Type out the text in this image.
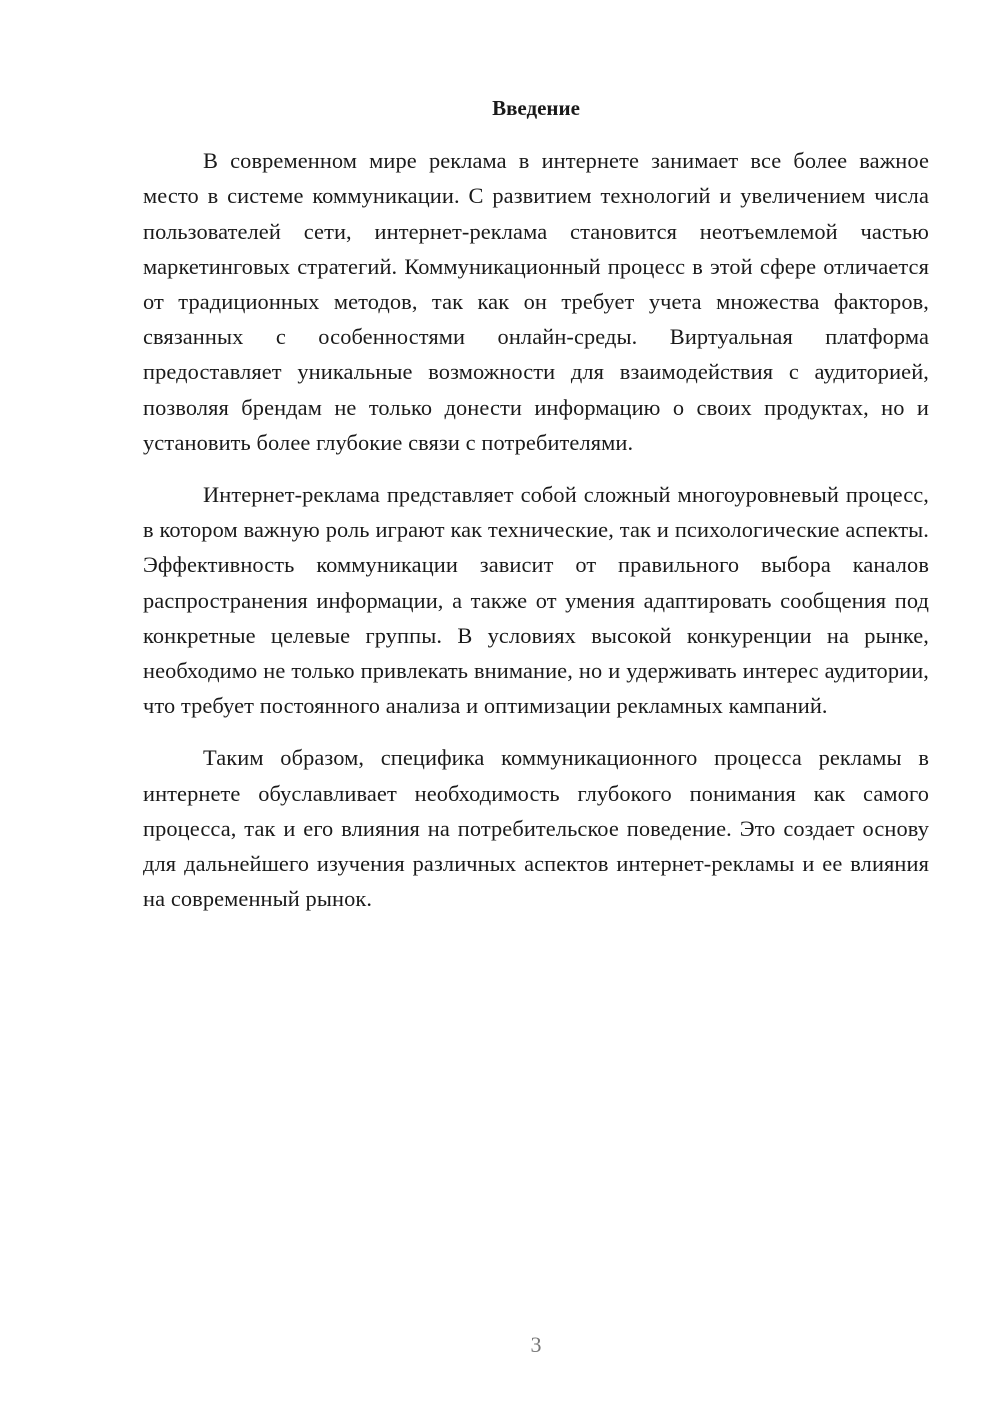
Введение

В современном мире реклама в интернете занимает все более важное место в системе коммуникации. С развитием технологий и увеличением числа пользователей сети, интернет-реклама становится неотъемлемой частью маркетинговых стратегий. Коммуникационный процесс в этой сфере отличается от традиционных методов, так как он требует учета множества факторов, связанных с особенностями онлайн-среды. Виртуальная платформа предоставляет уникальные возможности для взаимодействия с аудиторией, позволяя брендам не только донести информацию о своих продуктах, но и установить более глубокие связи с потребителями.

Интернет-реклама представляет собой сложный многоуровневый процесс, в котором важную роль играют как технические, так и психологические аспекты. Эффективность коммуникации зависит от правильного выбора каналов распространения информации, а также от умения адаптировать сообщения под конкретные целевые группы. В условиях высокой конкуренции на рынке, необходимо не только привлекать внимание, но и удерживать интерес аудитории, что требует постоянного анализа и оптимизации рекламных кампаний.

Таким образом, специфика коммуникационного процесса рекламы в интернете обуславливает необходимость глубокого понимания как самого процесса, так и его влияния на потребительское поведение. Это создает основу для дальнейшего изучения различных аспектов интернет-рекламы и ее влияния на современный рынок.

3
